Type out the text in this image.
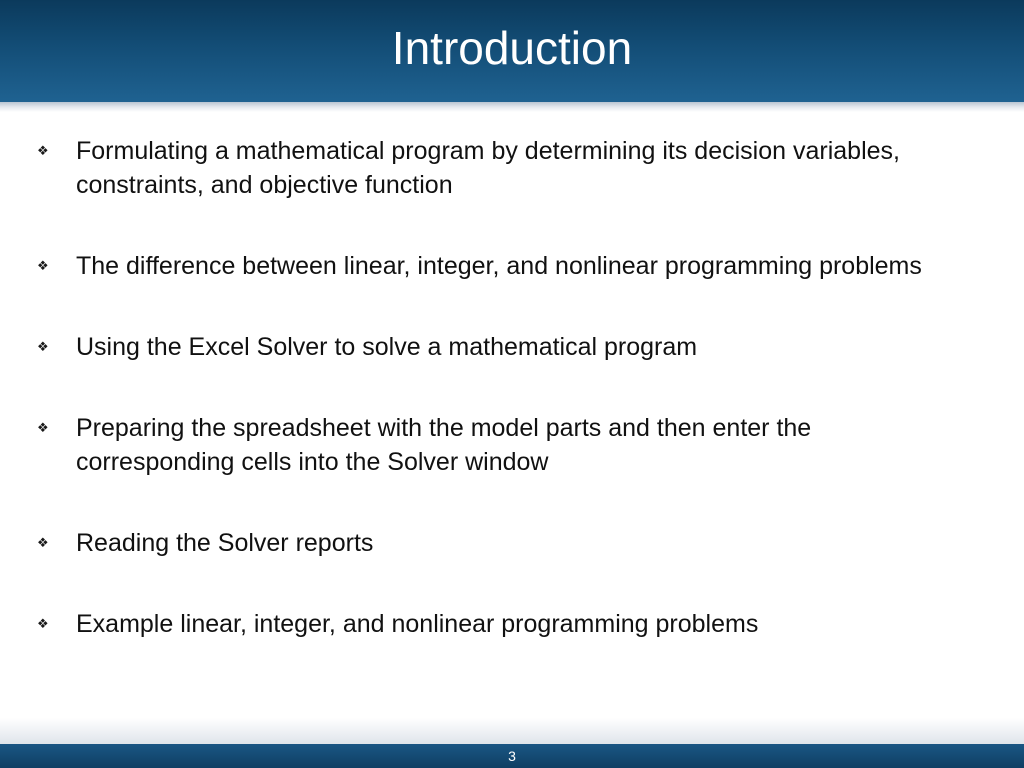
Introduction
❖	Formulating a mathematical program by determining its decision variables, constraints, and objective function
❖	The difference between linear, integer, and nonlinear programming problems
❖	Using the Excel Solver to solve a mathematical program
❖	Preparing the spreadsheet with the model parts and then enter the corresponding cells into the Solver window
❖	Reading the Solver reports
❖	Example linear, integer, and nonlinear programming problems
3
